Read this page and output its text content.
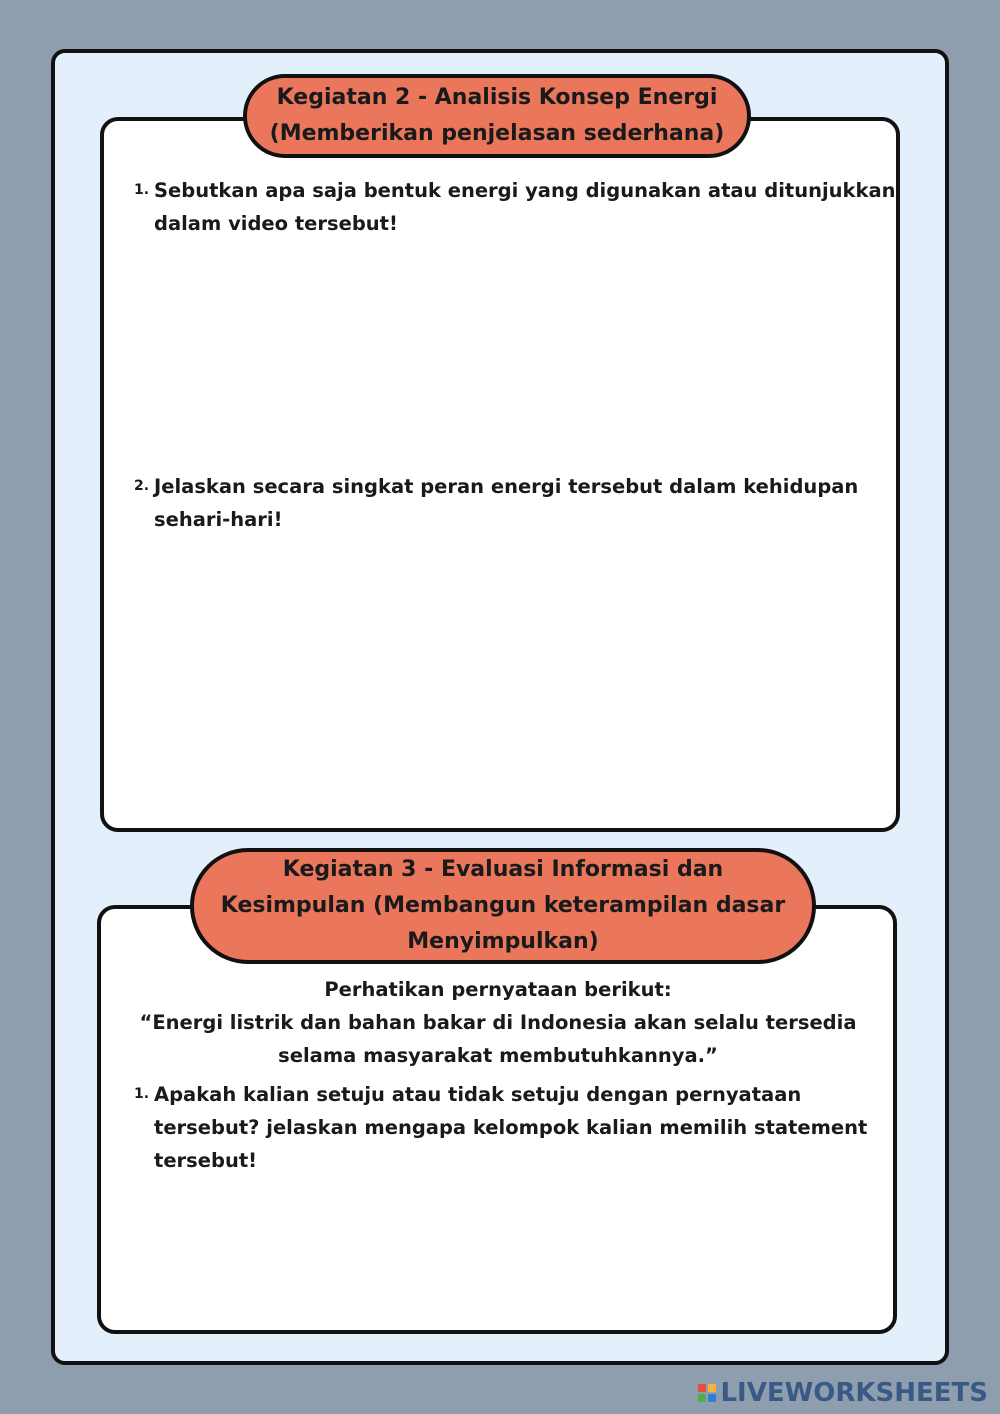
Kegiatan 2 - Analisis Konsep Energi
(Memberikan penjelasan sederhana)
1. Sebutkan apa saja bentuk energi yang digunakan atau ditunjukkan
dalam video tersebut!
2. Jelaskan secara singkat peran energi tersebut dalam kehidupan
sehari-hari!
Kegiatan 3 - Evaluasi Informasi dan
Kesimpulan (Membangun keterampilan dasar
Menyimpulkan)
Perhatikan pernyataan berikut:
“Energi listrik dan bahan bakar di Indonesia akan selalu tersedia
selama masyarakat membutuhkannya.”
1. Apakah kalian setuju atau tidak setuju dengan pernyataan
tersebut? jelaskan mengapa kelompok kalian memilih statement
tersebut!
LIVEWORKSHEETS
